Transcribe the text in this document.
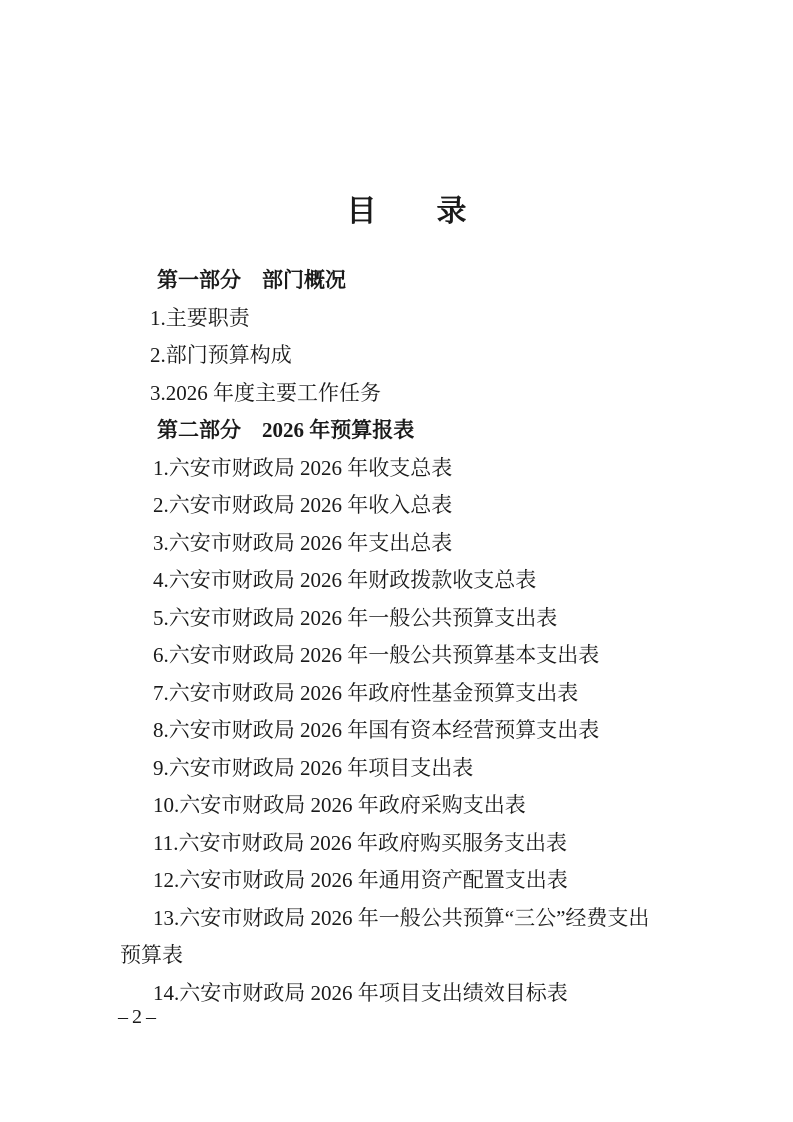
目　　录
第一部分　部门概况
1.主要职责
2.部门预算构成
3.2026 年度主要工作任务
第二部分　2026 年预算报表
1.六安市财政局 2026 年收支总表
2.六安市财政局 2026 年收入总表
3.六安市财政局 2026 年支出总表
4.六安市财政局 2026 年财政拨款收支总表
5.六安市财政局 2026 年一般公共预算支出表
6.六安市财政局 2026 年一般公共预算基本支出表
7.六安市财政局 2026 年政府性基金预算支出表
8.六安市财政局 2026 年国有资本经营预算支出表
9.六安市财政局 2026 年项目支出表
10.六安市财政局 2026 年政府采购支出表
11.六安市财政局 2026 年政府购买服务支出表
12.六安市财政局 2026 年通用资产配置支出表
13.六安市财政局 2026 年一般公共预算“三公”经费支出
预算表
14.六安市财政局 2026 年项目支出绩效目标表
–2–
